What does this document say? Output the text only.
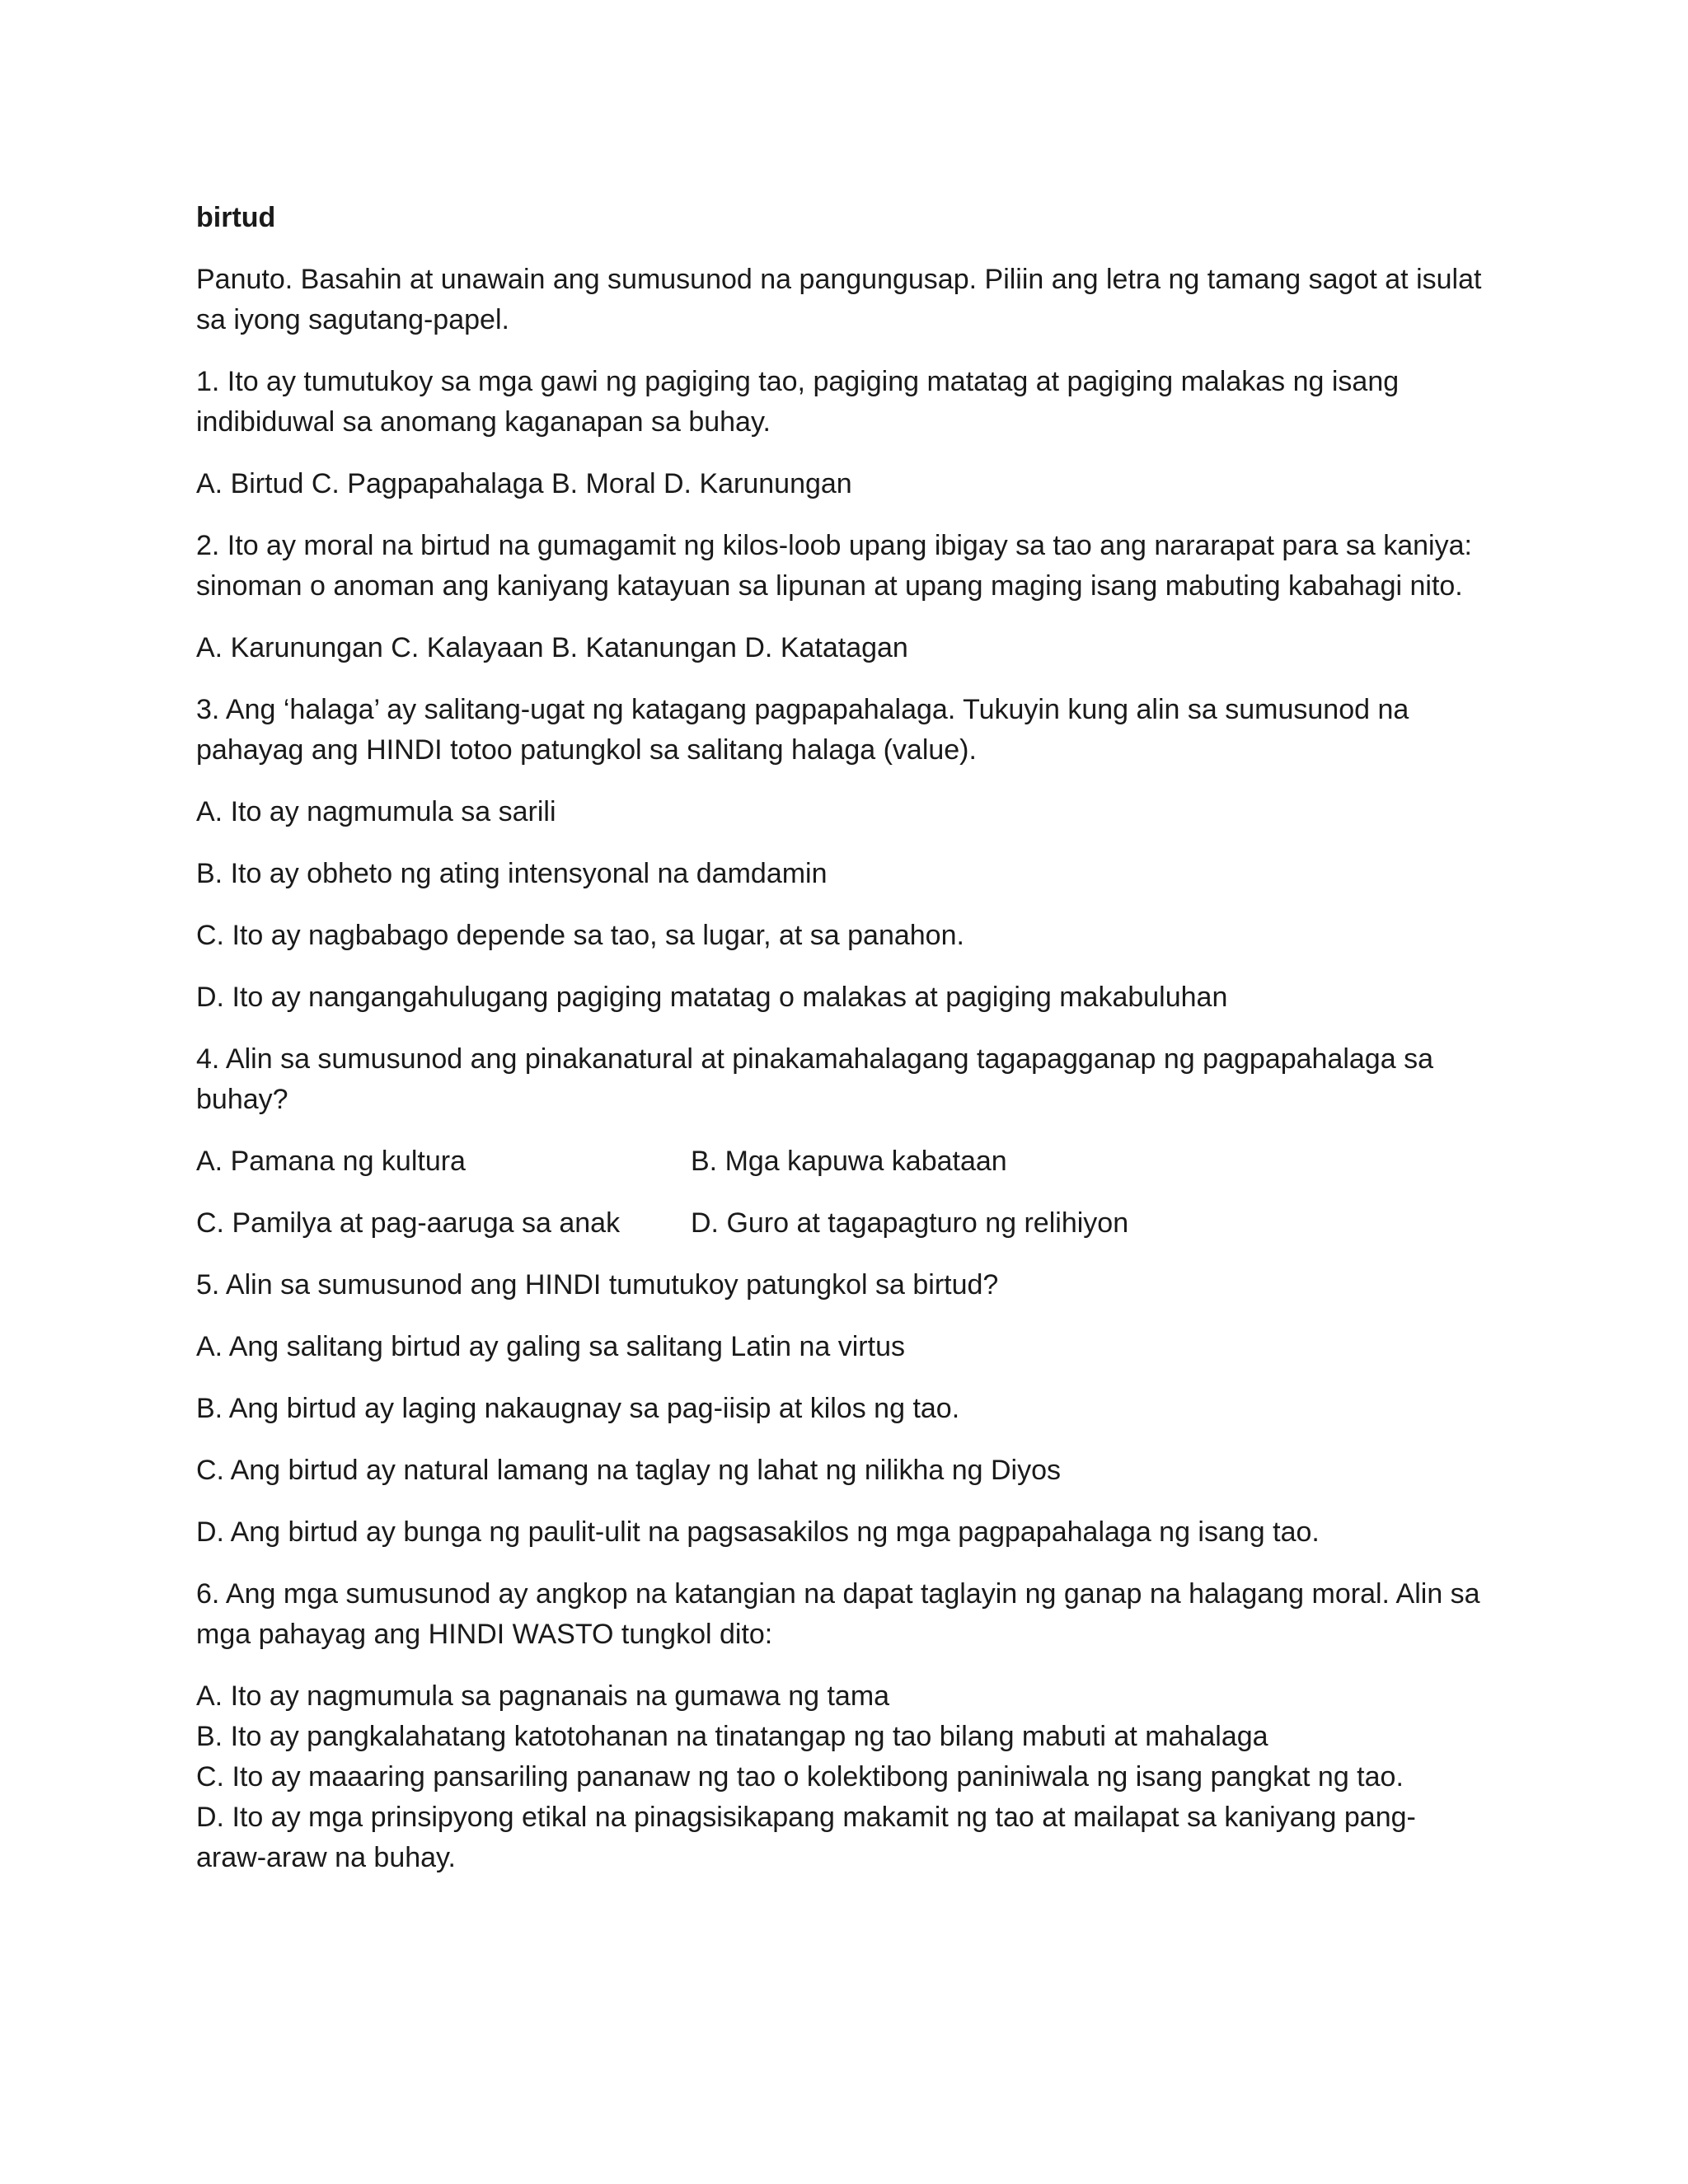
birtud
Panuto. Basahin at unawain ang sumusunod na pangungusap. Piliin ang letra ng tamang sagot at isulat sa iyong sagutang-papel.
1. Ito ay tumutukoy sa mga gawi ng pagiging tao, pagiging matatag at pagiging malakas ng isang indibiduwal sa anomang kaganapan sa buhay.
A. Birtud C. Pagpapahalaga B. Moral D. Karunungan
2. Ito ay moral na birtud na gumagamit ng kilos-loob upang ibigay sa tao ang nararapat para sa kaniya: sinoman o anoman ang kaniyang katayuan sa lipunan at upang maging isang mabuting kabahagi nito.
A. Karunungan C. Kalayaan B. Katanungan D. Katatagan
3. Ang ‘halaga’ ay salitang-ugat ng katagang pagpapahalaga. Tukuyin kung alin sa sumusunod na pahayag ang HINDI totoo patungkol sa salitang halaga (value).
A. Ito ay nagmumula sa sarili
B. Ito ay obheto ng ating intensyonal na damdamin
C. Ito ay nagbabago depende sa tao, sa lugar, at sa panahon.
D. Ito ay nangangahulugang pagiging matatag o malakas at pagiging makabuluhan
4. Alin sa sumusunod ang pinakanatural at pinakamahalagang tagapagganap ng pagpapahalaga sa buhay?
A. Pamana ng kultura	B. Mga kapuwa kabataan
C. Pamilya at pag-aaruga sa anak	D. Guro at tagapagturo ng relihiyon
5. Alin sa sumusunod ang HINDI tumutukoy patungkol sa birtud?
A. Ang salitang birtud ay galing sa salitang Latin na virtus
B. Ang birtud ay laging nakaugnay sa pag-iisip at kilos ng tao.
C. Ang birtud ay natural lamang na taglay ng lahat ng nilikha ng Diyos
D. Ang birtud ay bunga ng paulit-ulit na pagsasakilos ng mga pagpapahalaga ng isang tao.
6. Ang mga sumusunod ay angkop na katangian na dapat taglayin ng ganap na halagang moral. Alin sa mga pahayag ang HINDI WASTO tungkol dito:
A. Ito ay nagmumula sa pagnanais na gumawa ng tama
B. Ito ay pangkalahatang katotohanan na tinatangap ng tao bilang mabuti at mahalaga
C. Ito ay maaaring pansariling pananaw ng tao o kolektibong paniniwala ng isang pangkat ng tao.
D. Ito ay mga prinsipyong etikal na pinagsisikapang makamit ng tao at mailapat sa kaniyang pang-araw-araw na buhay.
